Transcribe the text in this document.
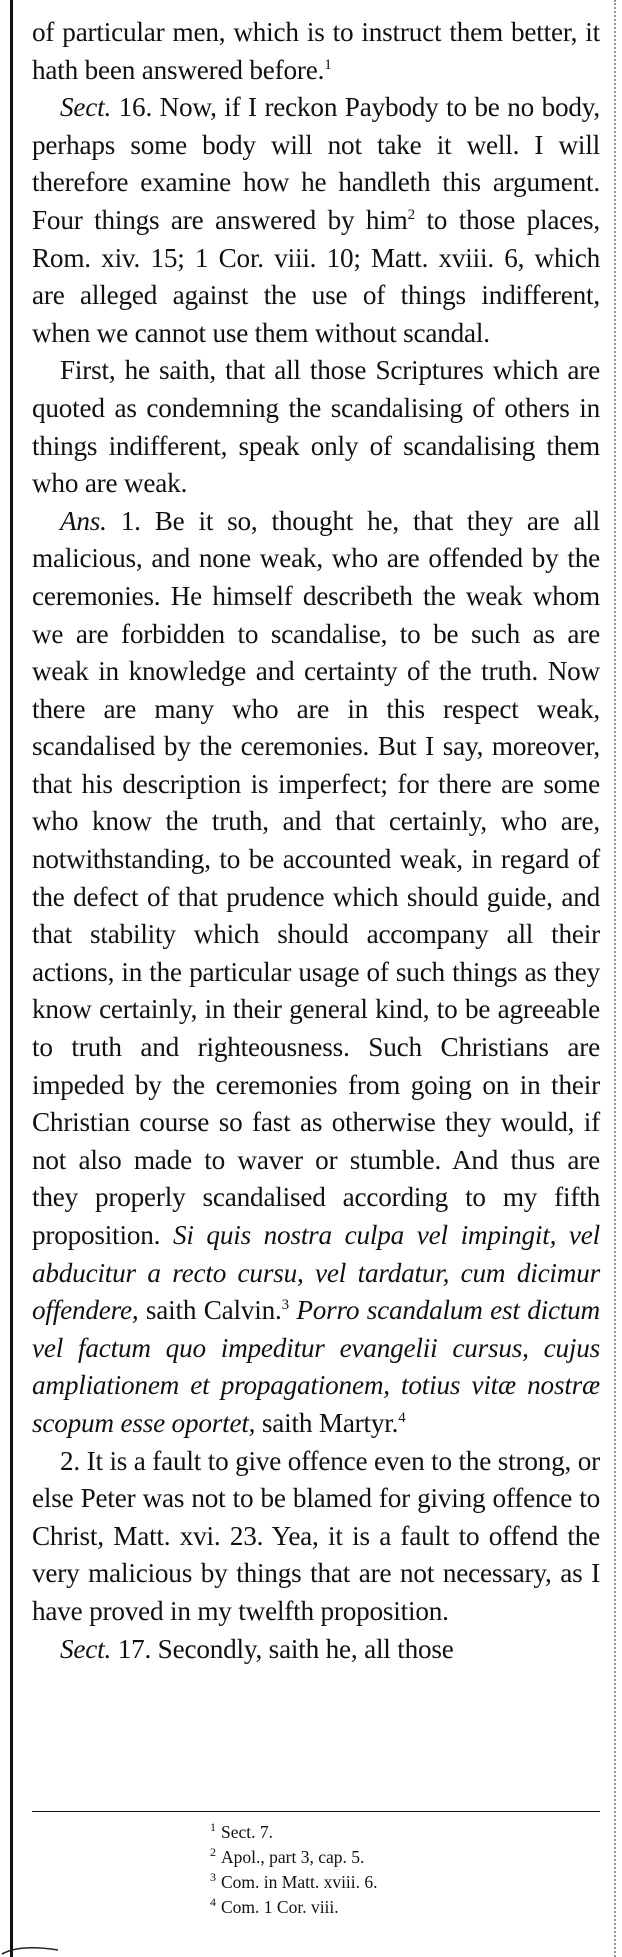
of particular men, which is to instruct them better, it hath been answered before.$^1$

Sect. 16. Now, if I reckon Paybody to be no body, perhaps some body will not take it well. I will therefore examine how he handleth this argument. Four things are answered by him$^2$ to those places, Rom. xiv. 15; 1 Cor. viii. 10; Matt. xviii. 6, which are alleged against the use of things indifferent, when we cannot use them without scandal.

First, he saith, that all those Scriptures which are quoted as condemning the scandalising of others in things indifferent, speak only of scandalising them who are weak.

Ans. 1. Be it so, thought he, that they are all malicious, and none weak, who are offended by the ceremonies. He himself describeth the weak whom we are forbidden to scandalise, to be such as are weak in knowledge and certainty of the truth. Now there are many who are in this respect weak, scandalised by the ceremonies. But I say, moreover, that his description is imperfect; for there are some who know the truth, and that certainly, who are, notwithstanding, to be accounted weak, in regard of the defect of that prudence which should guide, and that stability which should accompany all their actions, in the particular usage of such things as they know certainly, in their general kind, to be agreeable to truth and righteousness. Such Christians are impeded by the ceremonies from going on in their Christian course so fast as otherwise they would, if not also made to waver or stumble. And thus are they properly scandalised according to my fifth proposition. Si quis nostra culpa vel impingit, vel abducitur a recto cursu, vel tardatur, cum dicimur offendere, saith Calvin.$^3$ Porro scandalum est dictum vel factum quo impeditur evangelii cursus, cujus ampliationem et propagationem, totius vitæ nostræ scopum esse oportet, saith Martyr.$^4$

2. It is a fault to give offence even to the strong, or else Peter was not to be blamed for giving offence to Christ, Matt. xvi. 23. Yea, it is a fault to offend the very malicious by things that are not necessary, as I have proved in my twelfth proposition.

Sect. 17. Secondly, saith he, all those

$^1$ Sect. 7.
$^2$ Apol., part 3, cap. 5.
$^3$ Com. in Matt. xviii. 6.
$^4$ Com. 1 Cor. viii.
